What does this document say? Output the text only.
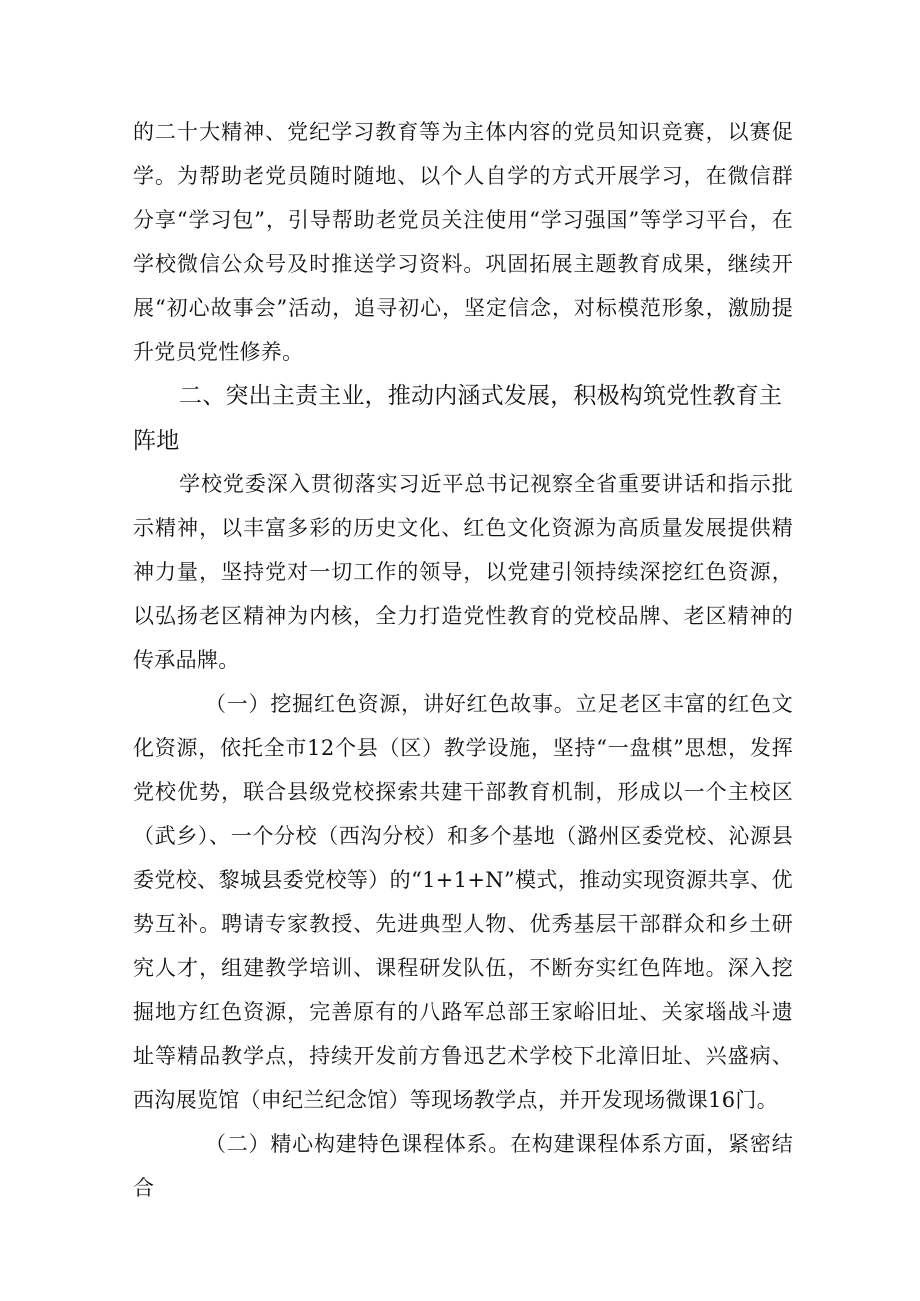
的二十大精神、党纪学习教育等为主体内容的党员知识竞赛，以赛促学。为帮助老党员随时随地、以个人自学的方式开展学习，在微信群分享“学习包”，引导帮助老党员关注使用“学习强国”等学习平台，在学校微信公众号及时推送学习资料。巩固拓展主题教育成果，继续开展“初心故事会”活动，追寻初心，坚定信念，对标模范形象，激励提升党员党性修养。

二、突出主责主业，推动内涵式发展，积极构筑党性教育主阵地

学校党委深入贯彻落实习近平总书记视察全省重要讲话和指示批示精神，以丰富多彩的历史文化、红色文化资源为高质量发展提供精神力量，坚持党对一切工作的领导，以党建引领持续深挖红色资源，以弘扬老区精神为内核，全力打造党性教育的党校品牌、老区精神的传承品牌。

（一）挖掘红色资源，讲好红色故事。立足老区丰富的红色文化资源，依托全市12个县（区）教学设施，坚持“一盘棋”思想，发挥党校优势，联合县级党校探索共建干部教育机制，形成以一个主校区（武乡）、一个分校（西沟分校）和多个基地（潞州区委党校、沁源县委党校、黎城县委党校等）的“1+1+N”模式，推动实现资源共享、优势互补。聘请专家教授、先进典型人物、优秀基层干部群众和乡土研究人才，组建教学培训、课程研发队伍，不断夯实红色阵地。深入挖掘地方红色资源，完善原有的八路军总部王家峪旧址、关家堖战斗遗址等精品教学点，持续开发前方鲁迅艺术学校下北漳旧址、兴盛病、西沟展览馆（申纪兰纪念馆）等现场教学点，并开发现场微课16门。

（二）精心构建特色课程体系。在构建课程体系方面，紧密结合
